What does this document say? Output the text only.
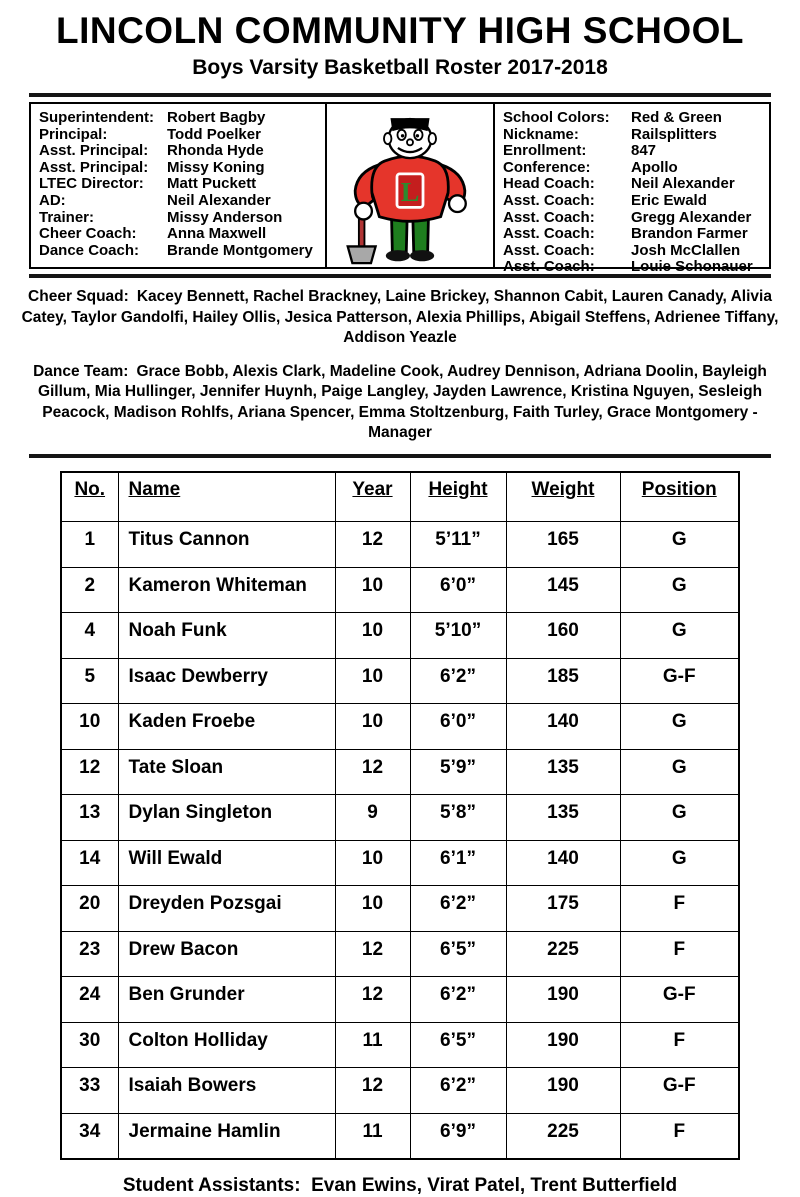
LINCOLN COMMUNITY HIGH SCHOOL
Boys Varsity Basketball Roster 2017-2018
Superintendent: Robert Bagby
Principal:	Todd Poelker
Asst. Principal:	Rhonda Hyde
Asst. Principal:	Missy Koning
LTEC Director:	Matt Puckett
AD:	Neil Alexander
Trainer:	Missy Anderson
Cheer Coach:	Anna Maxwell
Dance Coach:	Brande Montgomery
L
School Colors:	Red & Green
Nickname:	Railsplitters
Enrollment:	847
Conference:	Apollo
Head Coach:	Neil Alexander
Asst. Coach:	Eric Ewald
Asst. Coach:	Gregg Alexander
Asst. Coach:	Brandon Farmer
Asst. Coach:	Josh McClallen
Asst. Coach:	Louie Schonauer

Cheer Squad: Kacey Bennett, Rachel Brackney, Laine Brickey, Shannon Cabit, Lauren Canady, Alivia Catey, Taylor Gandolfi, Hailey Ollis, Jesica Patterson, Alexia Phillips, Abigail Steffens, Adrienee Tiffany, Addison Yeazle

Dance Team: Grace Bobb, Alexis Clark, Madeline Cook, Audrey Dennison, Adriana Doolin, Bayleigh Gillum, Mia Hullinger, Jennifer Huynh, Paige Langley, Jayden Lawrence, Kristina Nguyen, Sesleigh Peacock, Madison Rohlfs, Ariana Spencer, Emma Stoltzenburg, Faith Turley, Grace Montgomery - Manager

No.	Name	Year	Height	Weight	Position
1	Titus Cannon	12	5’11”	165	G
2	Kameron Whiteman	10	6’0”	145	G
4	Noah Funk	10	5’10”	160	G
5	Isaac Dewberry	10	6’2”	185	G-F
10	Kaden Froebe	10	6’0”	140	G
12	Tate Sloan	12	5’9”	135	G
13	Dylan Singleton	9	5’8”	135	G
14	Will Ewald	10	6’1”	140	G
20	Dreyden Pozsgai	10	6’2”	175	F
23	Drew Bacon	12	6’5”	225	F
24	Ben Grunder	12	6’2”	190	G-F
30	Colton Holliday	11	6’5”	190	F
33	Isaiah Bowers	12	6’2”	190	G-F
34	Jermaine Hamlin	11	6’9”	225	F

Student Assistants: Evan Ewins, Virat Patel, Trent Butterfield
